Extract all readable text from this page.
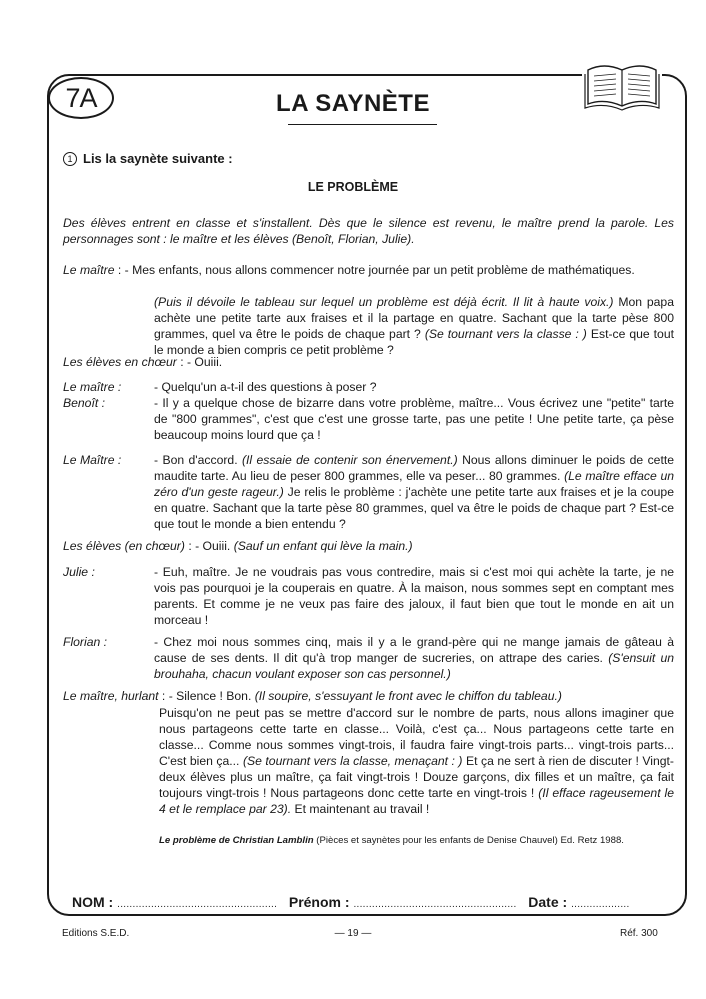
7A	LA SAYNÈTE
1 Lis la saynète suivante :
LE PROBLÈME

Des élèves entrent en classe et s'installent. Dès que le silence est revenu, le maître prend la parole. Les personnages sont : le maître et les élèves (Benoît, Florian, Julie).

Le maître : - Mes enfants, nous allons commencer notre journée par un petit problème de mathématiques.

(Puis il dévoile le tableau sur lequel un problème est déjà écrit. Il lit à haute voix.) Mon papa achète une petite tarte aux fraises et il la partage en quatre. Sachant que la tarte pèse 800 grammes, quel va être le poids de chaque part ? (Se tournant vers la classe : ) Est-ce que tout le monde a bien compris ce petit problème ?

Les élèves en chœur : - Ouiii.

Le maître :	- Quelqu'un a-t-il des questions à poser ?

Benoît :	- Il y a quelque chose de bizarre dans votre problème, maître... Vous écrivez une "petite" tarte de "800 grammes", c'est que c'est une grosse tarte, pas une petite ! Une petite tarte, ça pèse beaucoup moins lourd que ça !

Le Maître :	- Bon d'accord. (Il essaie de contenir son énervement.) Nous allons diminuer le poids de cette maudite tarte. Au lieu de peser 800 grammes, elle va peser... 80 grammes. (Le maître efface un zéro d'un geste rageur.) Je relis le problème : j'achète une petite tarte aux fraises et je la coupe en quatre. Sachant que la tarte pèse 80 grammes, quel va être le poids de chaque part ? Est-ce que tout le monde a bien entendu ?

Les élèves (en chœur) : - Ouiii. (Sauf un enfant qui lève la main.)

Julie :	- Euh, maître. Je ne voudrais pas vous contredire, mais si c'est moi qui achète la tarte, je ne vois pas pourquoi je la couperais en quatre. À la maison, nous sommes sept en comptant mes parents. Et comme je ne veux pas faire des jaloux, il faut bien que tout le monde en ait un morceau !

Florian :	- Chez moi nous sommes cinq, mais il y a le grand-père qui ne mange jamais de gâteau à cause de ses dents. Il dit qu'à trop manger de sucreries, on attrape des caries. (S'ensuit un brouhaha, chacun voulant exposer son cas personnel.)

Le maître, hurlant : - Silence ! Bon. (Il soupire, s'essuyant le front avec le chiffon du tableau.)

Puisqu'on ne peut pas se mettre d'accord sur le nombre de parts, nous allons imaginer que nous partageons cette tarte en classe... Voilà, c'est ça... Nous partageons cette tarte en classe... Comme nous sommes vingt-trois, il faudra faire vingt-trois parts... vingt-trois parts... C'est bien ça... (Se tournant vers la classe, menaçant : ) Et ça ne sert à rien de discuter ! Vingt-deux élèves plus un maître, ça fait vingt-trois ! Douze garçons, dix filles et un maître, ça fait toujours vingt-trois ! Nous partageons donc cette tarte en vingt-trois ! (Il efface rageusement le 4 et le remplace par 23). Et maintenant au travail !

Le problème de Christian Lamblin (Pièces et saynètes pour les enfants de Denise Chauvel) Ed. Retz 1988.
NOM : .................................................... Prénom : ..................................................... Date : ...................
Editions S.E.D.	— 19 —	Réf. 300
